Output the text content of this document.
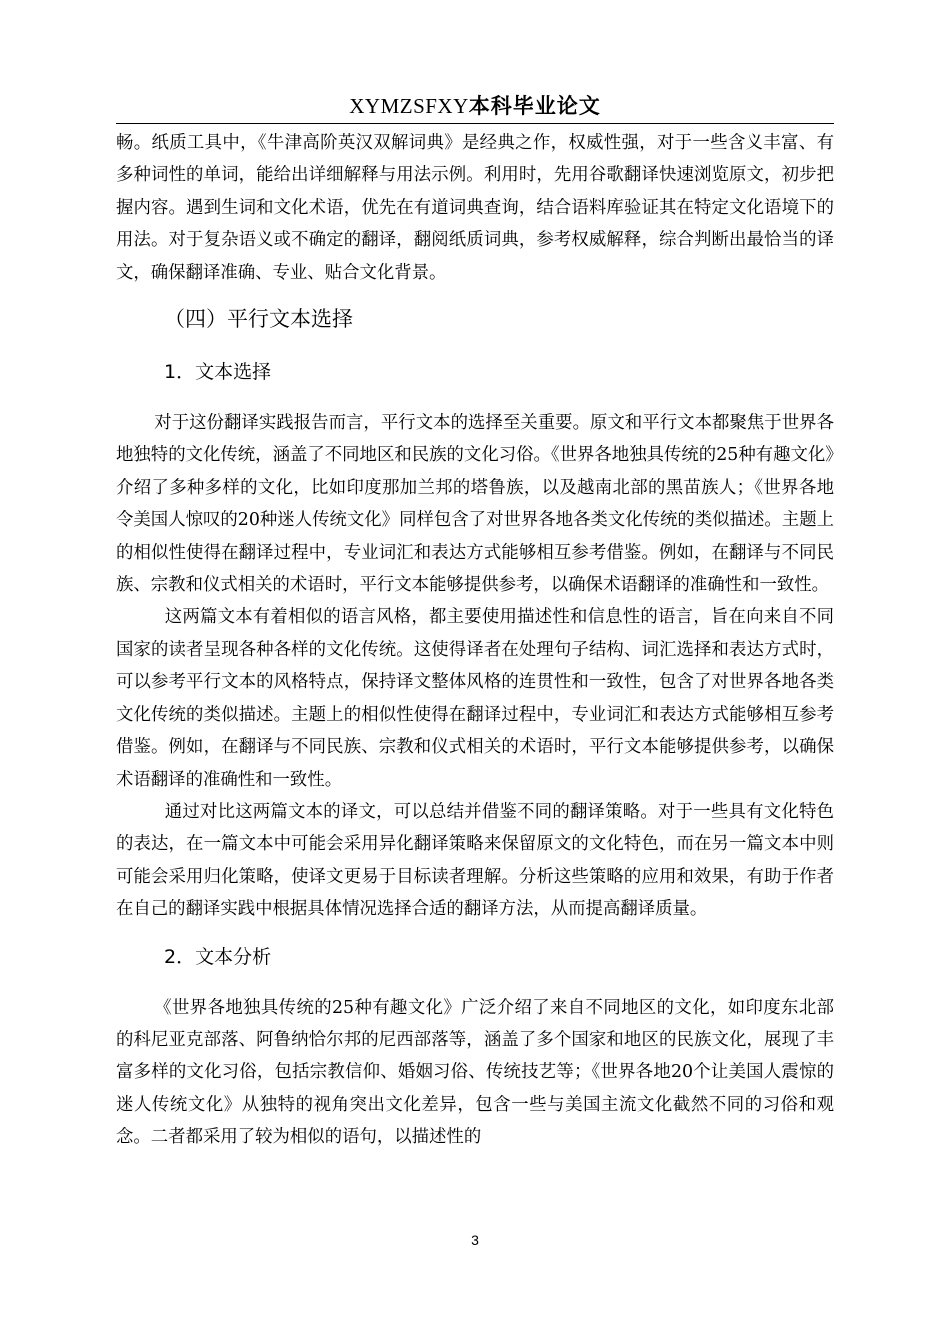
XYMZSFXY本科毕业论文

畅。纸质工具中，《牛津高阶英汉双解词典》是经典之作，权威性强，对于一些含义丰富、有多种词性的单词，能给出详细解释与用法示例。利用时，先用谷歌翻译快速浏览原文，初步把握内容。遇到生词和文化术语，优先在有道词典查询，结合语料库验证其在特定文化语境下的用法。对于复杂语义或不确定的翻译，翻阅纸质词典，参考权威解释，综合判断出最恰当的译文，确保翻译准确、专业、贴合文化背景。

（四）平行文本选择
1．文本选择

对于这份翻译实践报告而言，平行文本的选择至关重要。原文和平行文本都聚焦于世界各地独特的文化传统，涵盖了不同地区和民族的文化习俗。《世界各地独具传统的25种有趣文化》介绍了多种多样的文化，比如印度那加兰邦的塔鲁族，以及越南北部的黑苗族人；《世界各地令美国人惊叹的20种迷人传统文化》同样包含了对世界各地各类文化传统的类似描述。主题上的相似性使得在翻译过程中，专业词汇和表达方式能够相互参考借鉴。例如，在翻译与不同民族、宗教和仪式相关的术语时，平行文本能够提供参考，以确保术语翻译的准确性和一致性。

这两篇文本有着相似的语言风格，都主要使用描述性和信息性的语言，旨在向来自不同国家的读者呈现各种各样的文化传统。这使得译者在处理句子结构、词汇选择和表达方式时，可以参考平行文本的风格特点，保持译文整体风格的连贯性和一致性，包含了对世界各地各类文化传统的类似描述。主题上的相似性使得在翻译过程中，专业词汇和表达方式能够相互参考借鉴。例如，在翻译与不同民族、宗教和仪式相关的术语时，平行文本能够提供参考，以确保术语翻译的准确性和一致性。

通过对比这两篇文本的译文，可以总结并借鉴不同的翻译策略。对于一些具有文化特色的表达，在一篇文本中可能会采用异化翻译策略来保留原文的文化特色，而在另一篇文本中则可能会采用归化策略，使译文更易于目标读者理解。分析这些策略的应用和效果，有助于作者在自己的翻译实践中根据具体情况选择合适的翻译方法，从而提高翻译质量。

2．文本分析

《世界各地独具传统的25种有趣文化》广泛介绍了来自不同地区的文化，如印度东北部的科尼亚克部落、阿鲁纳恰尔邦的尼西部落等，涵盖了多个国家和地区的民族文化，展现了丰富多样的文化习俗，包括宗教信仰、婚姻习俗、传统技艺等；《世界各地20个让美国人震惊的迷人传统文化》从独特的视角突出文化差异，包含一些与美国主流文化截然不同的习俗和观念。二者都采用了较为相似的语句，以描述性的

3
